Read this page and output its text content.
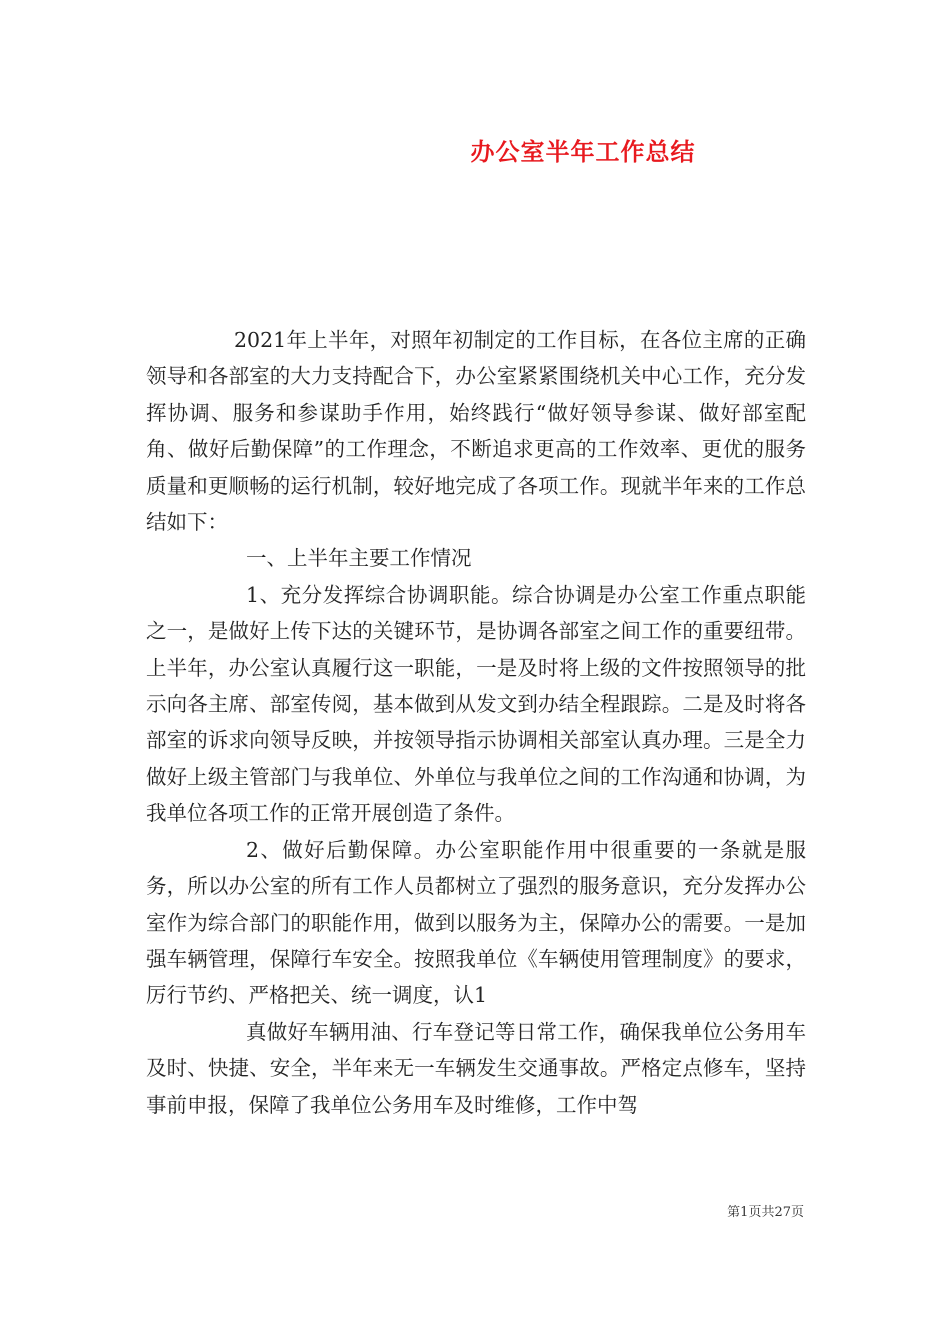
办公室半年工作总结

2021年上半年，对照年初制定的工作目标，在各位主席的正确领导和各部室的大力支持配合下，办公室紧紧围绕机关中心工作，充分发挥协调、服务和参谋助手作用，始终践行“做好领导参谋、做好部室配角、做好后勤保障”的工作理念，不断追求更高的工作效率、更优的服务质量和更顺畅的运行机制，较好地完成了各项工作。现就半年来的工作总结如下：

一、上半年主要工作情况

1、充分发挥综合协调职能。综合协调是办公室工作重点职能之一，是做好上传下达的关键环节，是协调各部室之间工作的重要纽带。上半年，办公室认真履行这一职能，一是及时将上级的文件按照领导的批示向各主席、部室传阅，基本做到从发文到办结全程跟踪。二是及时将各部室的诉求向领导反映，并按领导指示协调相关部室认真办理。三是全力做好上级主管部门与我单位、外单位与我单位之间的工作沟通和协调，为我单位各项工作的正常开展创造了条件。

2、做好后勤保障。办公室职能作用中很重要的一条就是服务，所以办公室的所有工作人员都树立了强烈的服务意识，充分发挥办公室作为综合部门的职能作用，做到以服务为主，保障办公的需要。一是加强车辆管理，保障行车安全。按照我单位《车辆使用管理制度》的要求，厉行节约、严格把关、统一调度，认1

真做好车辆用油、行车登记等日常工作，确保我单位公务用车及时、快捷、安全，半年来无一车辆发生交通事故。严格定点修车，坚持事前申报，保障了我单位公务用车及时维修，工作中驾

第1页共27页
